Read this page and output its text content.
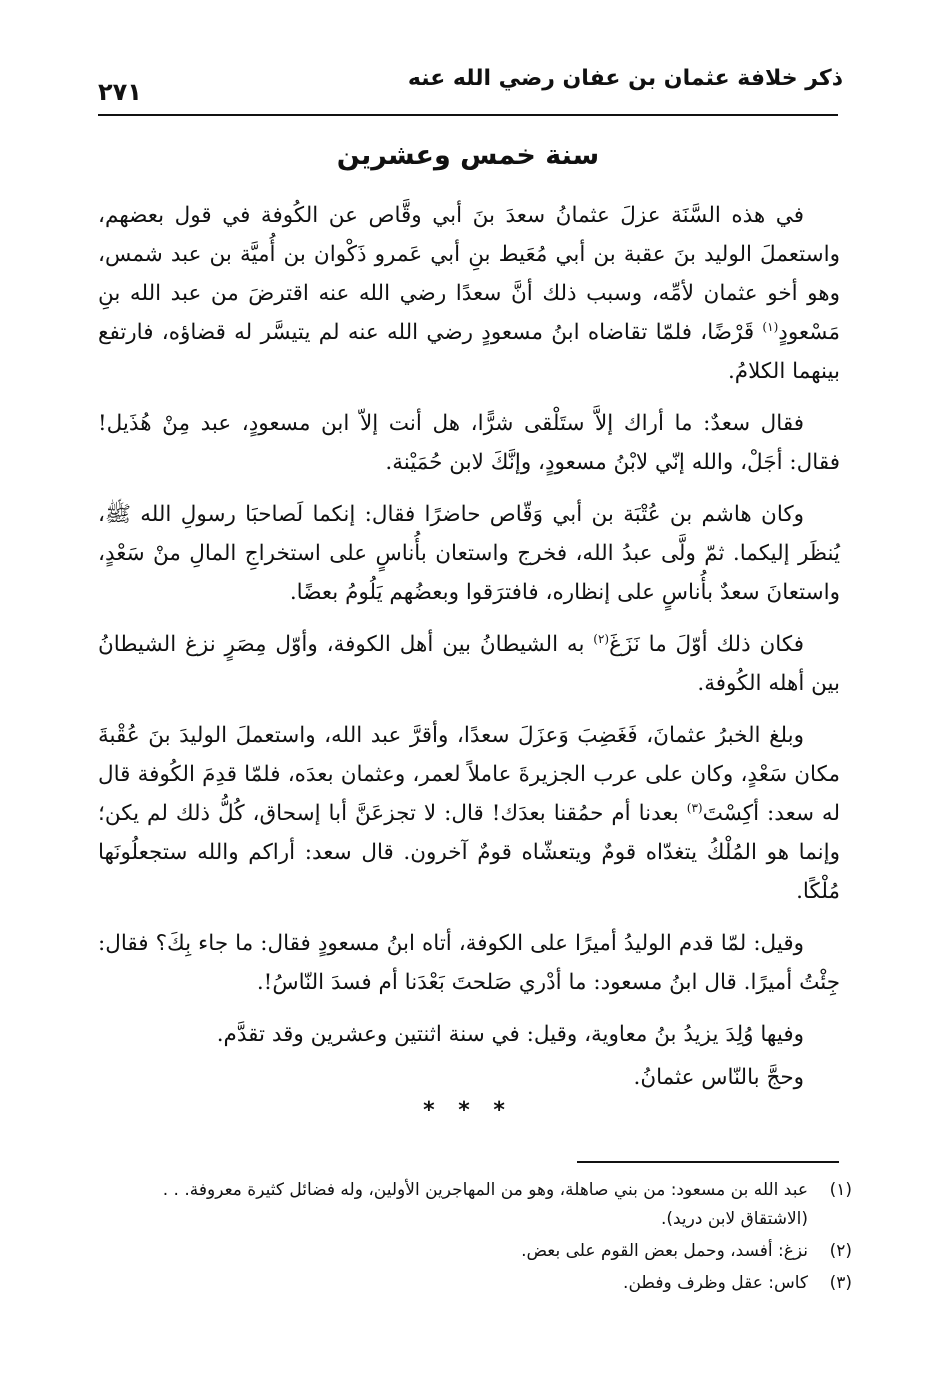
ذكر خلافة عثمان بن عفان رضي الله عنه
٢٧١
سنة خمس وعشرين

في هذه السَّنَة عزلَ عثمانُ سعدَ بنَ أبي وقَّاص عن الكُوفة في قول بعضهم، واستعملَ الوليد بنَ عقبة بن أبي مُعَيط بنِ أبي عَمرو ذَكْوان بن أُميَّة بن عبد شمس، وهو أخو عثمان لأمِّه، وسبب ذلك أنَّ سعدًا رضي الله عنه اقترضَ من عبد الله بنِ مَسْعودٍ$^{(١)}$ قَرْضًا، فلمّا تقاضاه ابنُ مسعودٍ رضي الله عنه لم يتيسَّر له قضاؤه، فارتفع بينهما الكلامُ.

فقال سعدٌ: ما أراك إلاَّ ستَلْقى شرًّا، هل أنت إلاّ ابن مسعودٍ، عبد مِنْ هُذَيل! فقال: أجَلْ، والله إنّي لابْنُ مسعودٍ، وإنَّكَ لابن حُمَيْنة.

وكان هاشم بن عُتْبَة بن أبي وَقّاص حاضرًا فقال: إنكما لَصاحبَا رسولِ الله ﷺ، يُنظَر إليكما. ثمّ ولَّى عبدُ الله، فخرج واستعان بأُناسٍ على استخراجِ المالِ منْ سَعْدٍ، واستعانَ سعدٌ بأُناسٍ على إنظاره، فافترَقوا وبعضُهم يَلُومُ بعضًا.

فكان ذلك أوّلَ ما نَزَغَ$^{(٢)}$ به الشيطانُ بين أهل الكوفة، وأوّل مِصَرٍ نزغ الشيطانُ بين أهله الكُوفة.

وبلغ الخبرُ عثمانَ، فَغَضِبَ وَعزَلَ سعدًا، وأقرَّ عبد الله، واستعملَ الوليدَ بنَ عُقْبةَ مكان سَعْدٍ، وكان على عرب الجزيرةَ عاملاً لعمر، وعثمان بعدَه، فلمّا قدِمَ الكُوفة قال له سعد: أكِسْتَ$^{(٣)}$ بعدنا أم حمُقنا بعدَك! قال: لا تجزعَنَّ أبا إسحاق، كُلُّ ذلك لم يكن؛ وإنما هو المُلْكُ يتغدّاه قومٌ ويتعشّاه قومٌ آخرون. قال سعد: أراكم والله ستجعلُونَها مُلْكًا.

وقيل: لمّا قدم الوليدُ أميرًا على الكوفة، أتاه ابنُ مسعودٍ فقال: ما جاء بِكَ؟ فقال: جِئْتُ أميرًا. قال ابنُ مسعود: ما أدْري صَلحتَ بَعْدَنا أم فسدَ النّاسُ!.

وفيها وُلِدَ يزيدُ بنُ معاوية، وقيل: في سنة اثنتين وعشرين وقد تقدَّم.

وحجَّ بالنّاس عثمانُ.

* * *
(١)
عبد الله بن مسعود: من بني صاهلة، وهو من المهاجرين الأولين، وله فضائل كثيرة معروفة. . . (الاشتقاق لابن دريد).
(٢)
نزغ: أفسد، وحمل بعض القوم على بعض.
(٣)
كاس: عقل وظرف وفطن.
